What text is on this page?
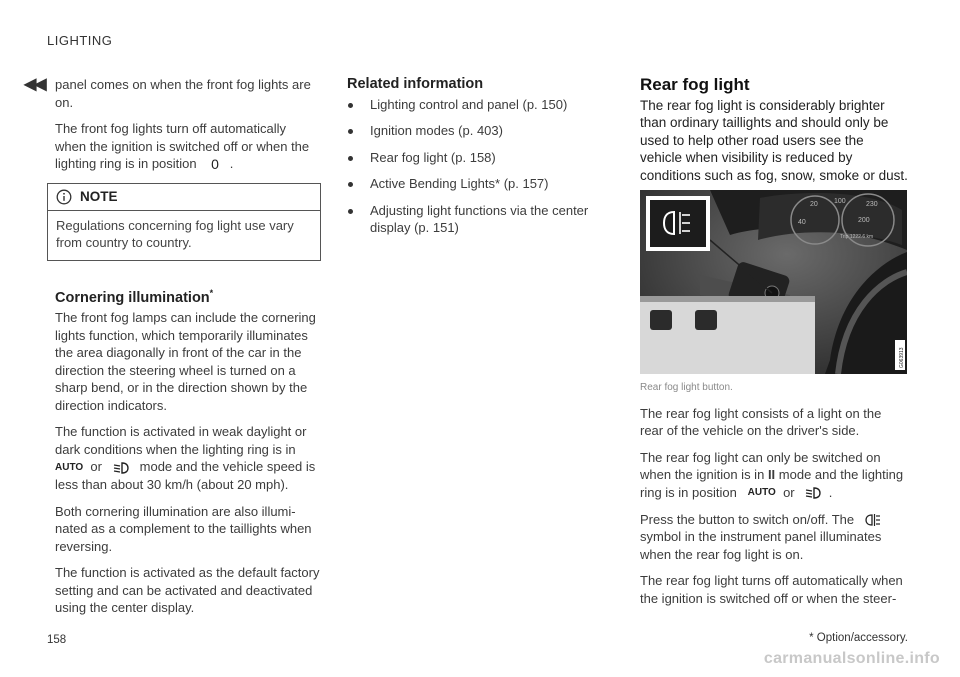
LIGHTING
◀◀ panel comes on when the front fog lights are on.

The front fog lights turn off automatically when the ignition is switched off or when the lighting ring is in position 0 .

NOTE
Regulations concerning fog light use vary from country to country.
Cornering illumination*

The front fog lamps can include the cornering lights function, which temporarily illuminates the area diagonally in front of the car in the direction the steering wheel is turned on a sharp bend, or in the direction shown by the direction indicators.

The function is activated in weak daylight or dark conditions when the lighting ring is in
AUTO or	mode and the vehicle speed is less than about 30 km/h (about 20 mph).

Both cornering illumination are also illuminated as a complement to the taillights when reversing.

The function is activated as the default factory setting and can be activated and deactivated using the center display.

Related information
Lighting control and panel (p. 150)
Ignition modes (p. 403)
Rear fog light (p. 158)
Active Bending Lights* (p. 157)
Adjusting light functions via the center display (p. 151)
Rear fog light
The rear fog light is considerably brighter than ordinary taillights and should only be used to help other road users see the vehicle when visibility is reduced by conditions such as fog, snow, smoke or dust.
20 100	230
40	200
Trip 1222.6 km
G063913
Rear fog light button.

The rear fog light consists of a light on the rear of the vehicle on the driver's side.

The rear fog light can only be switched on when the ignition is in II mode and the lighting ring is in position AUTO or	.

Press the button to switch on/off. The    symbol in the instrument panel illuminates when the rear fog light is on.

The rear fog light turns off automatically when the ignition is switched off or when the steer-

158	* Option/accessory.
carmanualsonline.info
